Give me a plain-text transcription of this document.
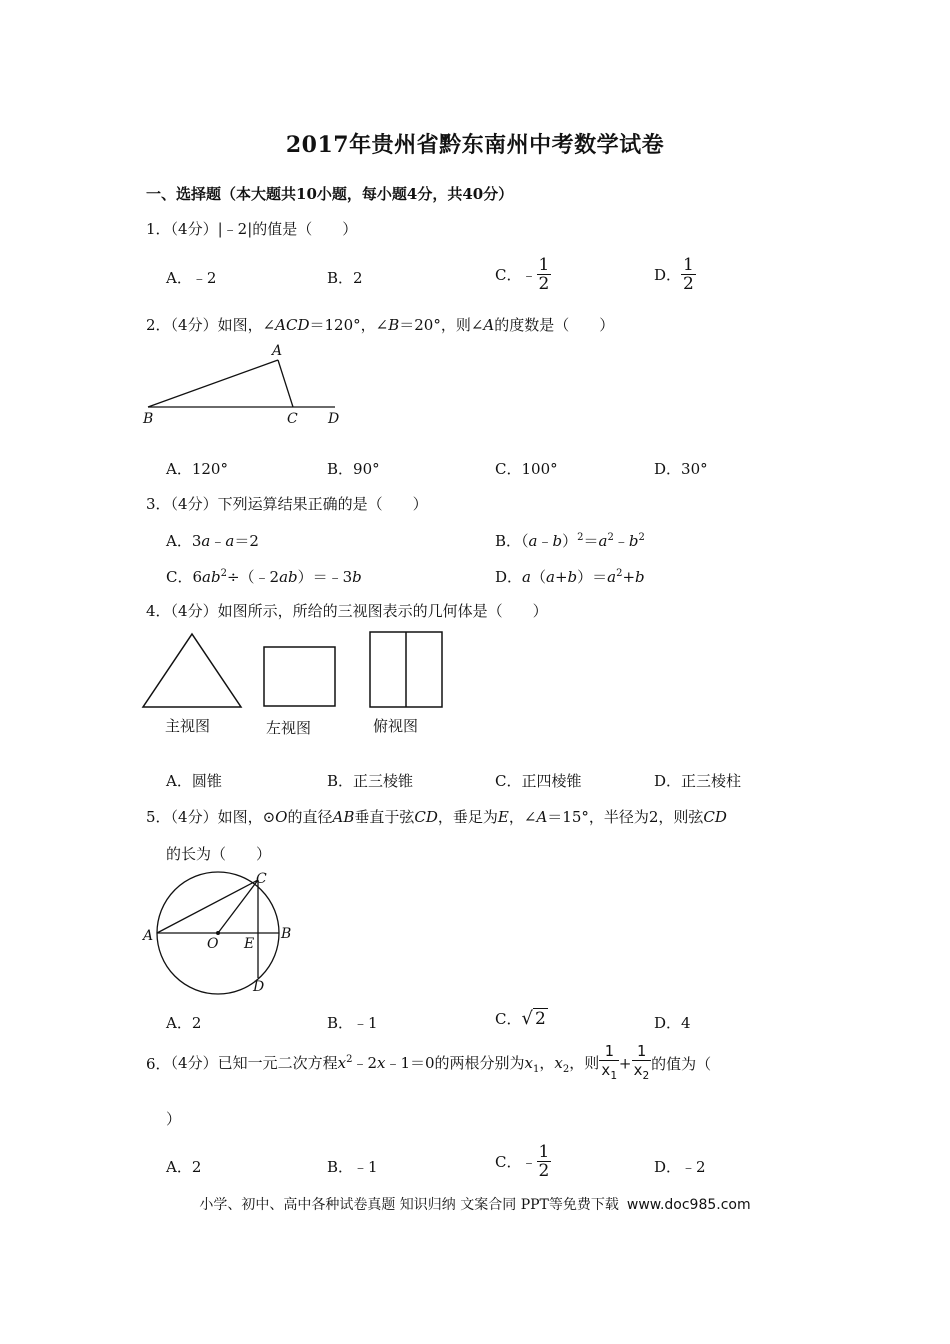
2017年贵州省黔东南州中考数学试卷
一、选择题（本大题共10小题，每小题4分，共40分）
1．（4分）|﹣2|的值是（　　）
A．﹣2	B．2	C．﹣ $\frac{1}{2}$	D． $\frac{1}{2}$
2．（4分）如图，∠ACD＝120°，∠B＝20°，则∠A的度数是（　　）
A
B	C D
A．120°	B．90°	C．100°	D．30°
3．（4分）下列运算结果正确的是（　　）
A．3a﹣a＝2	B．$(a﹣b)^2=a^2﹣b^2$
C．$6ab^2\div(﹣2ab)=﹣3b$	D．$a(a+b)=a^2+b$
4．（4分）如图所示，所给的三视图表示的几何体是（　　）
主视图	左视图	俯视图
A．圆锥	B．正三棱锥	C．正四棱锥	D．正三棱柱
5．（4分）如图，⊙O的直径AB垂直于弦CD，垂足为E，∠A＝15°，半径为2，则弦CD
的长为（　　）
A	B
C
D
O E
A．2	B．﹣1	C．√ 2	D．4
6．（4分）已知一元二次方程$x^2﹣2x﹣1=0$的两根分别为$x_1$，$x_2$，则 $\frac{1}{x_1} + \frac{1}{x_2}$ 的值为（
）
A．2	B．﹣1	C．﹣ $\frac{1}{2}$	D．﹣2
小学、初中、高中各种试卷真题 知识归纳 文案合同 PPT等免费下载 www.doc985.com
